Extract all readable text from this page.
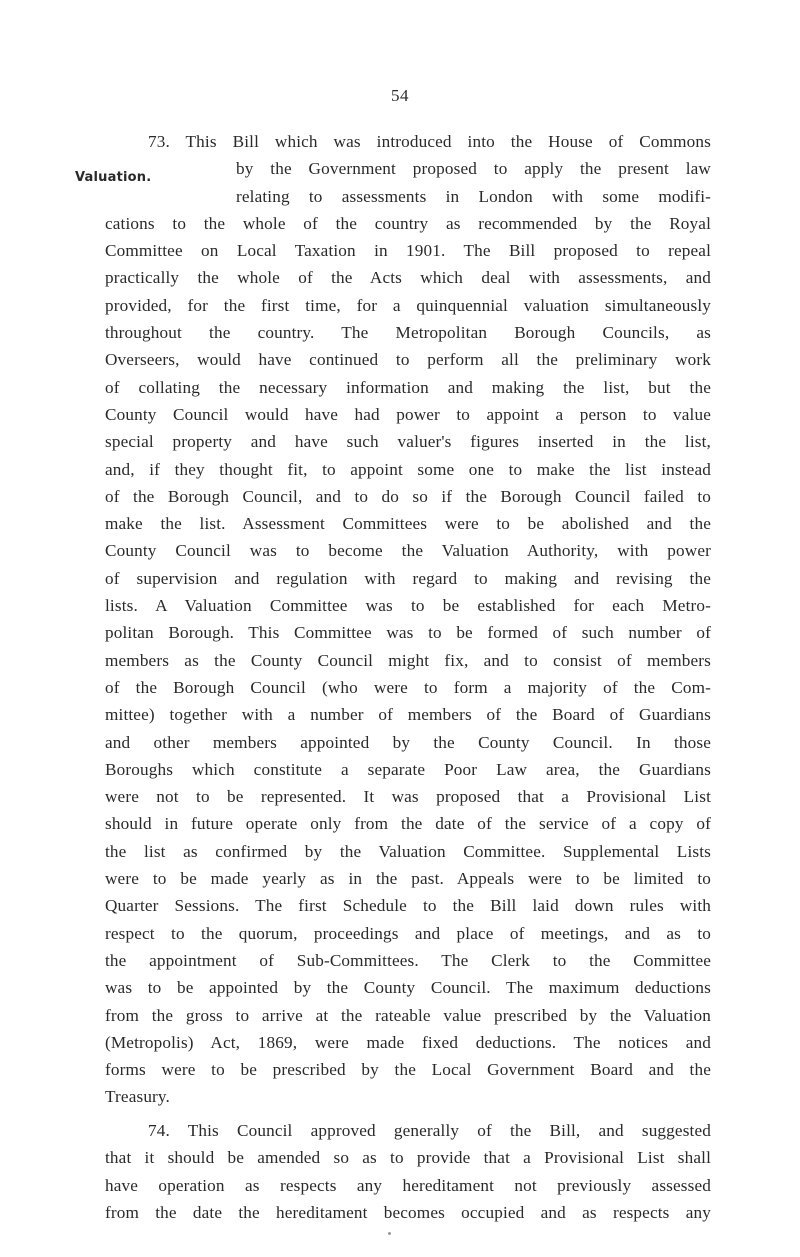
54
Valuation.
73. This Bill which was introduced into the House of Commons
by the Government proposed to apply the present law
relating to assessments in London with some modifi-
cations to the whole of the country as recommended by the Royal
Committee on Local Taxation in 1901. The Bill proposed to repeal
practically the whole of the Acts which deal with assessments, and
provided, for the first time, for a quinquennial valuation simultaneously
throughout the country. The Metropolitan Borough Councils, as
Overseers, would have continued to perform all the preliminary work
of collating the necessary information and making the list, but the
County Council would have had power to appoint a person to value
special property and have such valuer's figures inserted in the list,
and, if they thought fit, to appoint some one to make the list instead
of the Borough Council, and to do so if the Borough Council failed to
make the list. Assessment Committees were to be abolished and the
County Council was to become the Valuation Authority, with power
of supervision and regulation with regard to making and revising the
lists. A Valuation Committee was to be established for each Metro-
politan Borough. This Committee was to be formed of such number of
members as the County Council might fix, and to consist of members
of the Borough Council (who were to form a majority of the Com-
mittee) together with a number of members of the Board of Guardians
and other members appointed by the County Council. In those
Boroughs which constitute a separate Poor Law area, the Guardians
were not to be represented. It was proposed that a Provisional List
should in future operate only from the date of the service of a copy of
the list as confirmed by the Valuation Committee. Supplemental Lists
were to be made yearly as in the past. Appeals were to be limited to
Quarter Sessions. The first Schedule to the Bill laid down rules with
respect to the quorum, proceedings and place of meetings, and as to
the appointment of Sub-Committees. The Clerk to the Committee
was to be appointed by the County Council. The maximum deductions
from the gross to arrive at the rateable value prescribed by the Valuation
(Metropolis) Act, 1869, were made fixed deductions. The notices and
forms were to be prescribed by the Local Government Board and the
Treasury.
74. This Council approved generally of the Bill, and suggested
that it should be amended so as to provide that a Provisional List shall
have operation as respects any hereditament not previously assessed
from the date the hereditament becomes occupied and as respects any
